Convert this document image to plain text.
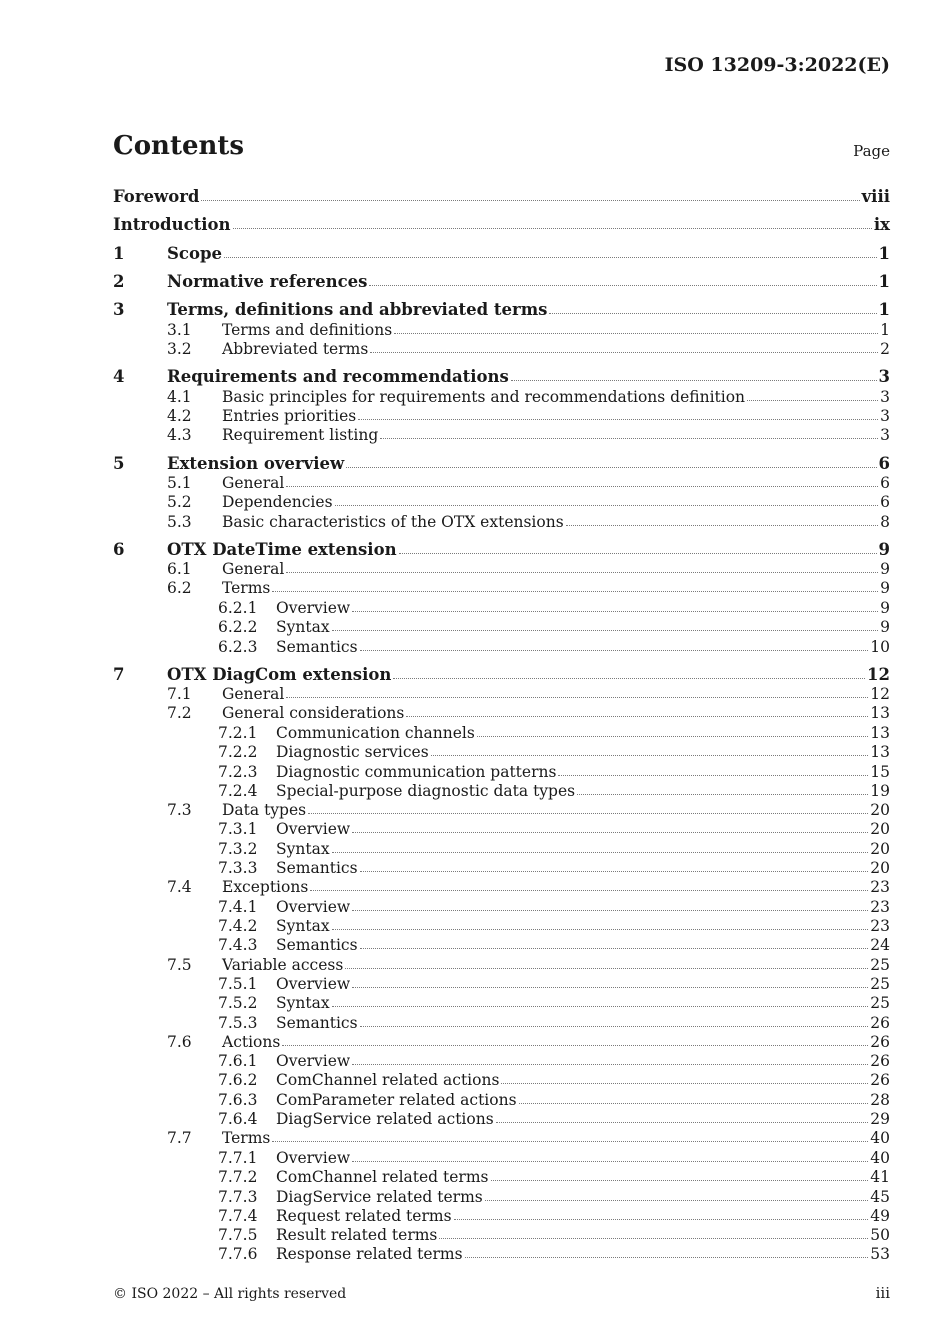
ISO 13209-3:2022(E)
Contents	Page
Foreword	viii
Introduction	ix
1	Scope	1
2	Normative references	1
3	Terms, definitions and abbreviated terms	1
3.1 Terms and definitions	1
3.2 Abbreviated terms	2
4	Requirements and recommendations	3
4.1 Basic principles for requirements and recommendations definition	3
4.2 Entries priorities	3
4.3 Requirement listing	3
5	Extension overview	6
5.1 General	6
5.2 Dependencies	6
5.3 Basic characteristics of the OTX extensions	8
6	OTX DateTime extension	9
6.1 General	9
6.2 Terms	9
6.2.1 Overview	9
6.2.2 Syntax	9
6.2.3 Semantics	10
7	OTX DiagCom extension	12
7.1 General	12
7.2 General considerations	13
7.2.1 Communication channels	13
7.2.2 Diagnostic services	13
7.2.3 Diagnostic communication patterns	15
7.2.4 Special-purpose diagnostic data types	19
7.3 Data types	20
7.3.1 Overview	20
7.3.2 Syntax	20
7.3.3 Semantics	20
7.4 Exceptions	23
7.4.1 Overview	23
7.4.2 Syntax	23
7.4.3 Semantics	24
7.5 Variable access	25
7.5.1 Overview	25
7.5.2 Syntax	25
7.5.3 Semantics	26
7.6 Actions	26
7.6.1 Overview	26
7.6.2 ComChannel related actions	26
7.6.3 ComParameter related actions	28
7.6.4 DiagService related actions	29
7.7 Terms	40
7.7.1 Overview	40
7.7.2 ComChannel related terms	41
7.7.3 DiagService related terms	45
7.7.4 Request related terms	49
7.7.5 Result related terms	50
7.7.6 Response related terms	53
© ISO 2022 – All rights reserved	iii
